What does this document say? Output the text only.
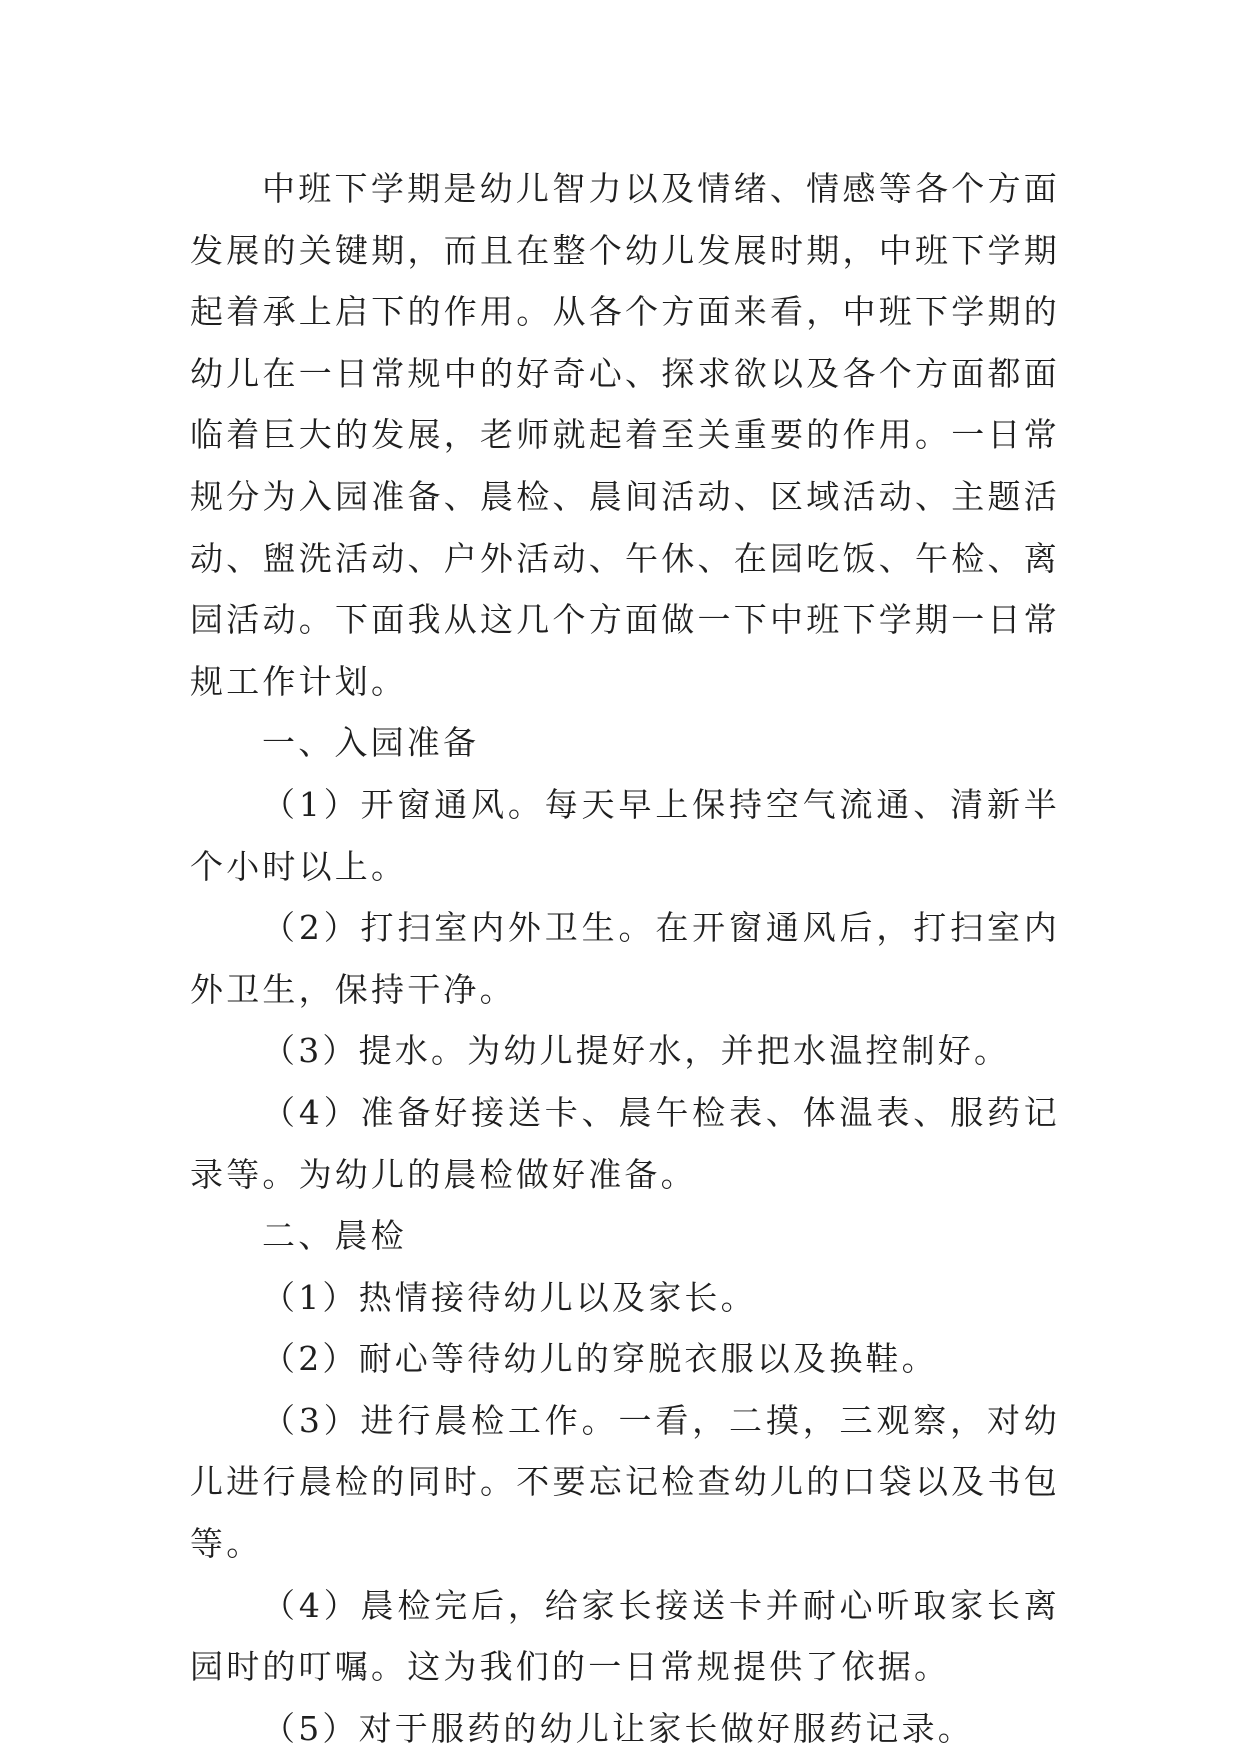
中班下学期是幼儿智力以及情绪、情感等各个方面发展的关键期，而且在整个幼儿发展时期，中班下学期起着承上启下的作用。从各个方面来看，中班下学期的幼儿在一日常规中的好奇心、探求欲以及各个方面都面临着巨大的发展，老师就起着至关重要的作用。一日常规分为入园准备、晨检、晨间活动、区域活动、主题活动、盥洗活动、户外活动、午休、在园吃饭、午检、离园活动。下面我从这几个方面做一下中班下学期一日常规工作计划。

一、入园准备

（1）开窗通风。每天早上保持空气流通、清新半个小时以上。

（2）打扫室内外卫生。在开窗通风后，打扫室内外卫生，保持干净。

（3）提水。为幼儿提好水，并把水温控制好。

（4）准备好接送卡、晨午检表、体温表、服药记录等。为幼儿的晨检做好准备。

二、晨检

（1）热情接待幼儿以及家长。

（2）耐心等待幼儿的穿脱衣服以及换鞋。

（3）进行晨检工作。一看，二摸，三观察，对幼儿进行晨检的同时。不要忘记检查幼儿的口袋以及书包等。

（4）晨检完后，给家长接送卡并耐心听取家长离园时的叮嘱。这为我们的一日常规提供了依据。

（5）对于服药的幼儿让家长做好服药记录。
